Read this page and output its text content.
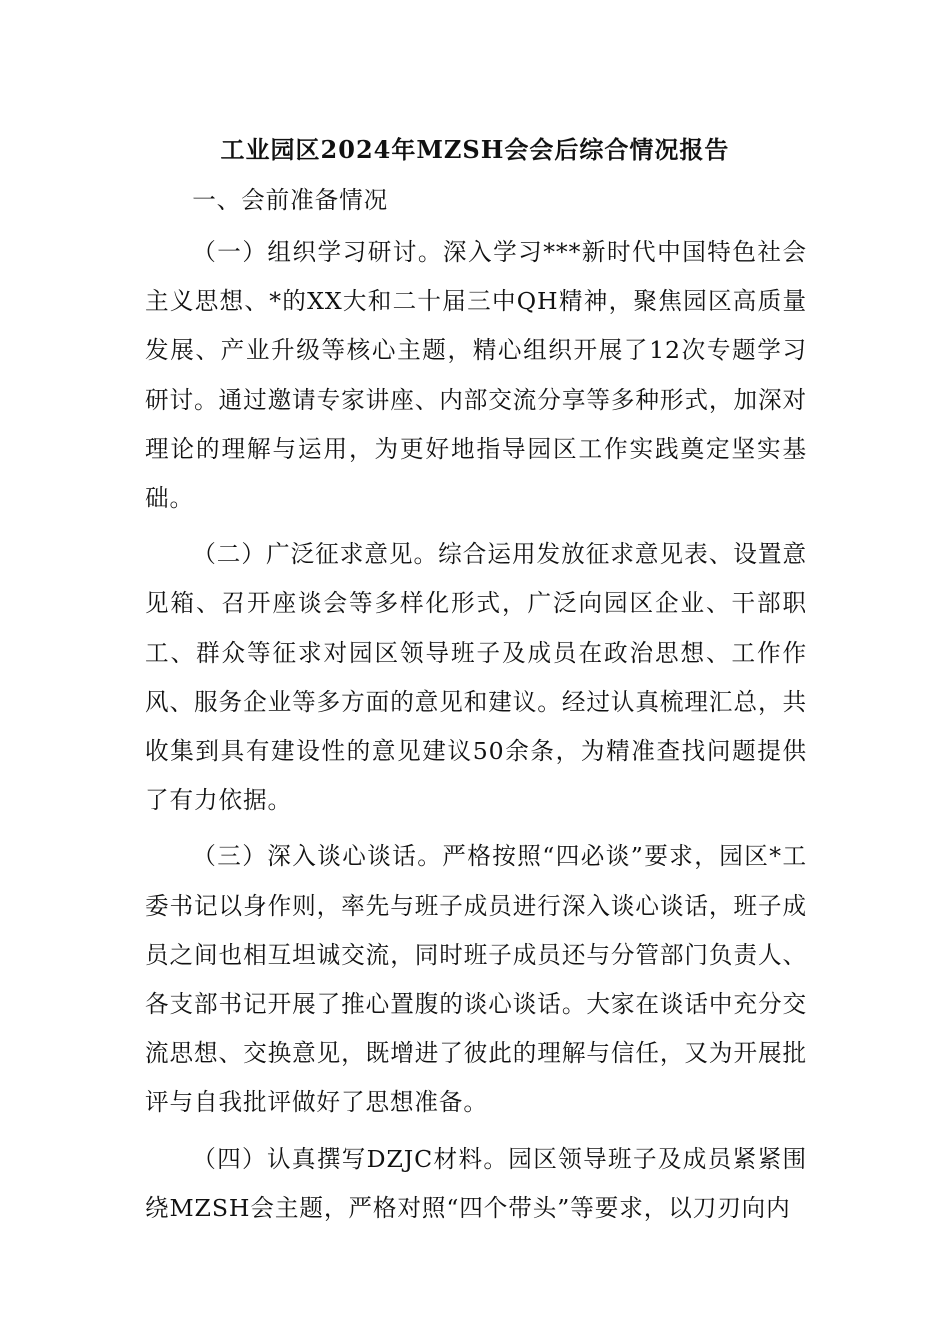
工业园区2024年MZSH会会后综合情况报告

一、会前准备情况

（一）组织学习研讨。深入学习***新时代中国特色社会主义思想、*的XX大和二十届三中QH精神，聚焦园区高质量发展、产业升级等核心主题，精心组织开展了12次专题学习研讨。通过邀请专家讲座、内部交流分享等多种形式，加深对理论的理解与运用，为更好地指导园区工作实践奠定坚实基础。

（二）广泛征求意见。综合运用发放征求意见表、设置意见箱、召开座谈会等多样化形式，广泛向园区企业、干部职工、群众等征求对园区领导班子及成员在政治思想、工作作风、服务企业等多方面的意见和建议。经过认真梳理汇总，共收集到具有建设性的意见建议50余条，为精准查找问题提供了有力依据。

（三）深入谈心谈话。严格按照“四必谈”要求，园区*工委书记以身作则，率先与班子成员进行深入谈心谈话，班子成员之间也相互坦诚交流，同时班子成员还与分管部门负责人、各支部书记开展了推心置腹的谈心谈话。大家在谈话中充分交流思想、交换意见，既增进了彼此的理解与信任，又为开展批评与自我批评做好了思想准备。

（四）认真撰写DZJC材料。园区领导班子及成员紧紧围绕MZSH会主题，严格对照“四个带头”等要求，以刀刃向内
